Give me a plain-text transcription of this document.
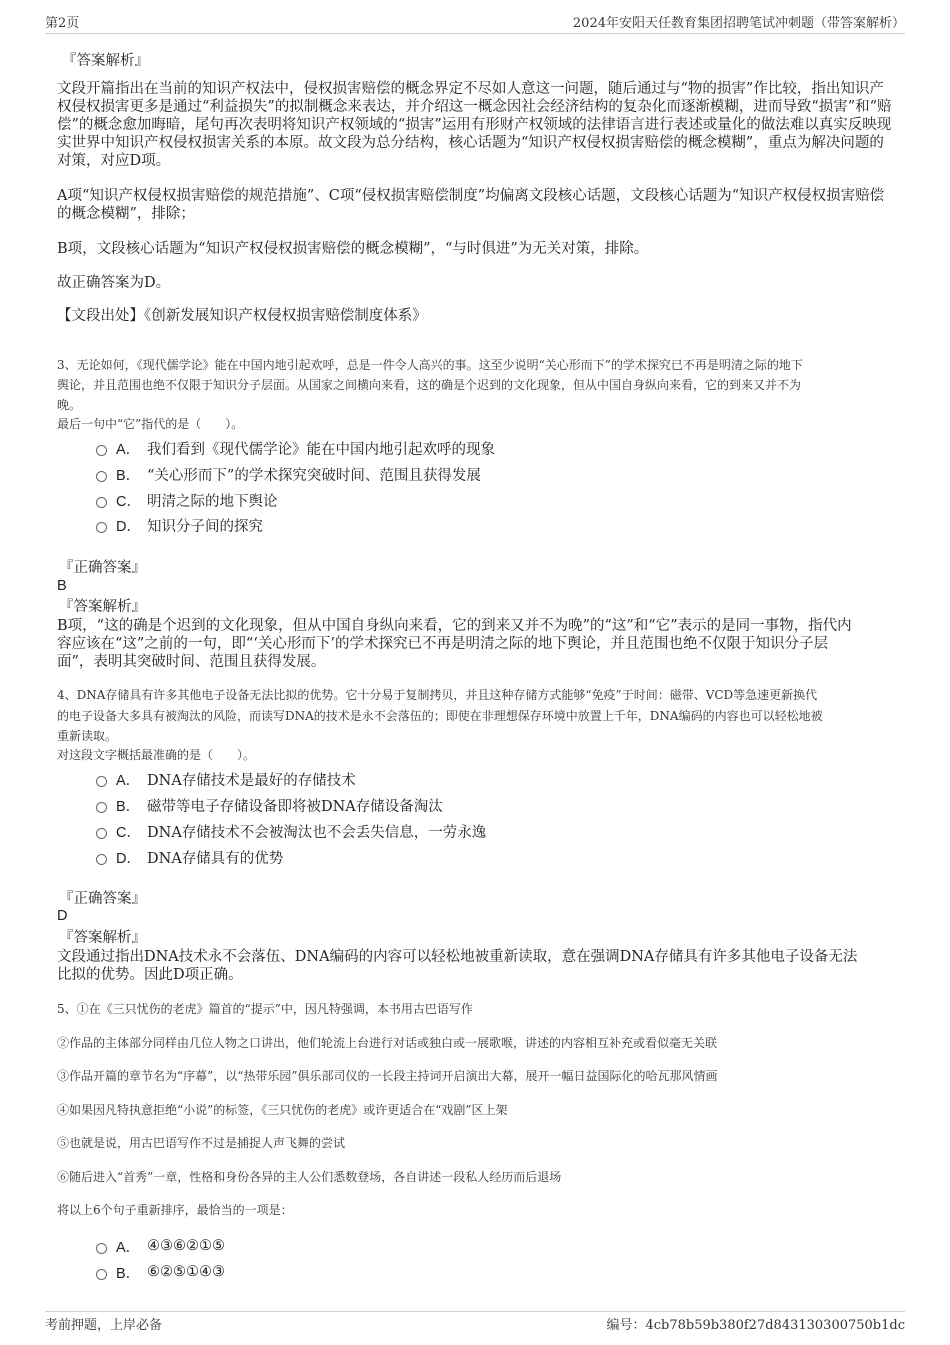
第2页	2024年安阳天任教育集团招聘笔试冲刺题（带答案解析）
『答案解析』
文段开篇指出在当前的知识产权法中，侵权损害赔偿的概念界定不尽如人意这一问题，随后通过与“物的损害”作比较，指出知识产权侵权损害更多是通过“利益损失”的拟制概念来表达，并介绍这一概念因社会经济结构的复杂化而逐渐模糊，进而导致“损害”和“赔偿”的概念愈加晦暗，尾句再次表明将知识产权领域的“损害”运用有形财产权领域的法律语言进行表述或量化的做法难以真实反映现实世界中知识产权侵权损害关系的本原。故文段为总分结构，核心话题为“知识产权侵权损害赔偿的概念模糊”，重点为解决问题的对策，对应D项。
A项“知识产权侵权损害赔偿的规范措施”、C项“侵权损害赔偿制度”均偏离文段核心话题，文段核心话题为“知识产权侵权损害赔偿的概念模糊”，排除；
B项，文段核心话题为“知识产权侵权损害赔偿的概念模糊”，“与时俱进”为无关对策，排除。
故正确答案为D。
【文段出处】《创新发展知识产权侵权损害赔偿制度体系》
3、无论如何，《现代儒学论》能在中国内地引起欢呼，总是一件令人高兴的事。这至少说明“关心形而下”的学术探究已不再是明清之际的地下
舆论，并且范围也绝不仅限于知识分子层面。从国家之间横向来看，这的确是个迟到的文化现象，但从中国自身纵向来看，它的到来又并不为
晚。
最后一句中“它”指代的是（　　）。
A． 我们看到《现代儒学论》能在中国内地引起欢呼的现象
B． “关心形而下”的学术探究突破时间、范围且获得发展
C． 明清之际的地下舆论
D． 知识分子间的探究
『正确答案』
B
『答案解析』
B项，“这的确是个迟到的文化现象，但从中国自身纵向来看，它的到来又并不为晚”的“这”和“它”表示的是同一事物，指代内
容应该在“这”之前的一句，即“‘关心形而下’的学术探究已不再是明清之际的地下舆论，并且范围也绝不仅限于知识分子层
面”，表明其突破时间、范围且获得发展。
4、DNA存储具有许多其他电子设备无法比拟的优势。它十分易于复制拷贝，并且这种存储方式能够“免疫”于时间：磁带、VCD等急速更新换代
的电子设备大多具有被淘汰的风险，而读写DNA的技术是永不会落伍的；即使在非理想保存环境中放置上千年，DNA编码的内容也可以轻松地被
重新读取。
对这段文字概括最准确的是（　　）。
A． DNA存储技术是最好的存储技术
B． 磁带等电子存储设备即将被DNA存储设备淘汰
C． DNA存储技术不会被淘汰也不会丢失信息，一劳永逸
D． DNA存储具有的优势
『正确答案』
D
『答案解析』
文段通过指出DNA技术永不会落伍、DNA编码的内容可以轻松地被重新读取，意在强调DNA存储具有许多其他电子设备无法
比拟的优势。因此D项正确。
5、①在《三只忧伤的老虎》篇首的“提示”中，因凡特强调，本书用古巴语写作
②作品的主体部分同样由几位人物之口讲出，他们轮流上台进行对话或独白或一展歌喉，讲述的内容相互补充或看似毫无关联
③作品开篇的章节名为“序幕”，以“热带乐园”俱乐部司仪的一长段主持词开启演出大幕，展开一幅日益国际化的哈瓦那风情画
④如果因凡特执意拒绝“小说”的标签，《三只忧伤的老虎》或许更适合在“戏剧”区上架
⑤也就是说，用古巴语写作不过是捕捉人声飞舞的尝试
⑥随后进入“首秀”一章，性格和身份各异的主人公们悉数登场，各自讲述一段私人经历而后退场
将以上6个句子重新排序，最恰当的一项是：
A． ④③⑥②①⑤
B． ⑥②⑤①④③
考前押题，上岸必备	编号：4cb78b59b380f27d843130300750b1dc
